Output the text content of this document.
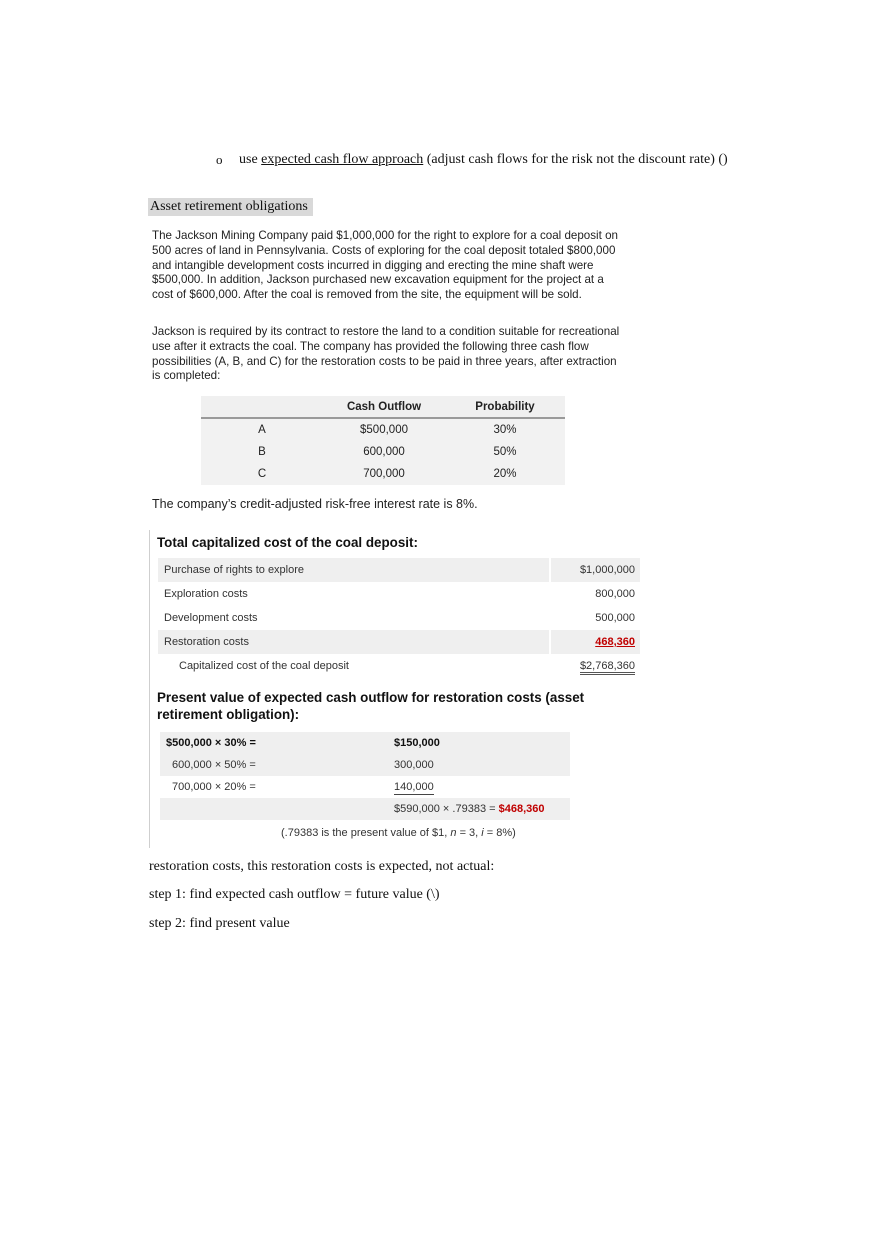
o use expected cash flow approach (adjust cash flows for the risk not the discount rate) ()
Asset retirement obligations
The Jackson Mining Company paid $1,000,000 for the right to explore for a coal deposit on 500 acres of land in Pennsylvania. Costs of exploring for the coal deposit totaled $800,000 and intangible development costs incurred in digging and erecting the mine shaft were $500,000. In addition, Jackson purchased new excavation equipment for the project at a cost of $600,000. After the coal is removed from the site, the equipment will be sold.
Jackson is required by its contract to restore the land to a condition suitable for recreational use after it extracts the coal. The company has provided the following three cash flow possibilities (A, B, and C) for the restoration costs to be paid in three years, after extraction is completed:
	Cash Outflow	Probability
A	$500,000	30%
B	600,000	50%
C	700,000	20%
The company’s credit-adjusted risk-free interest rate is 8%.
Total capitalized cost of the coal deposit:
Purchase of rights to explore	$1,000,000
Exploration costs	800,000
Development costs	500,000
Restoration costs	468,360
Capitalized cost of the coal deposit	$2,768,360
Present value of expected cash outflow for restoration costs (asset retirement obligation):
$500,000 × 30% =	$150,000
600,000 × 50% =	300,000
700,000 × 20% =	140,000
	$590,000 × .79383 = $468,360
(.79383 is the present value of $1, n = 3, i = 8%)
restoration costs, this restoration costs is expected, not actual:
step 1: find expected cash outflow = future value (\)
step 2: find present value
